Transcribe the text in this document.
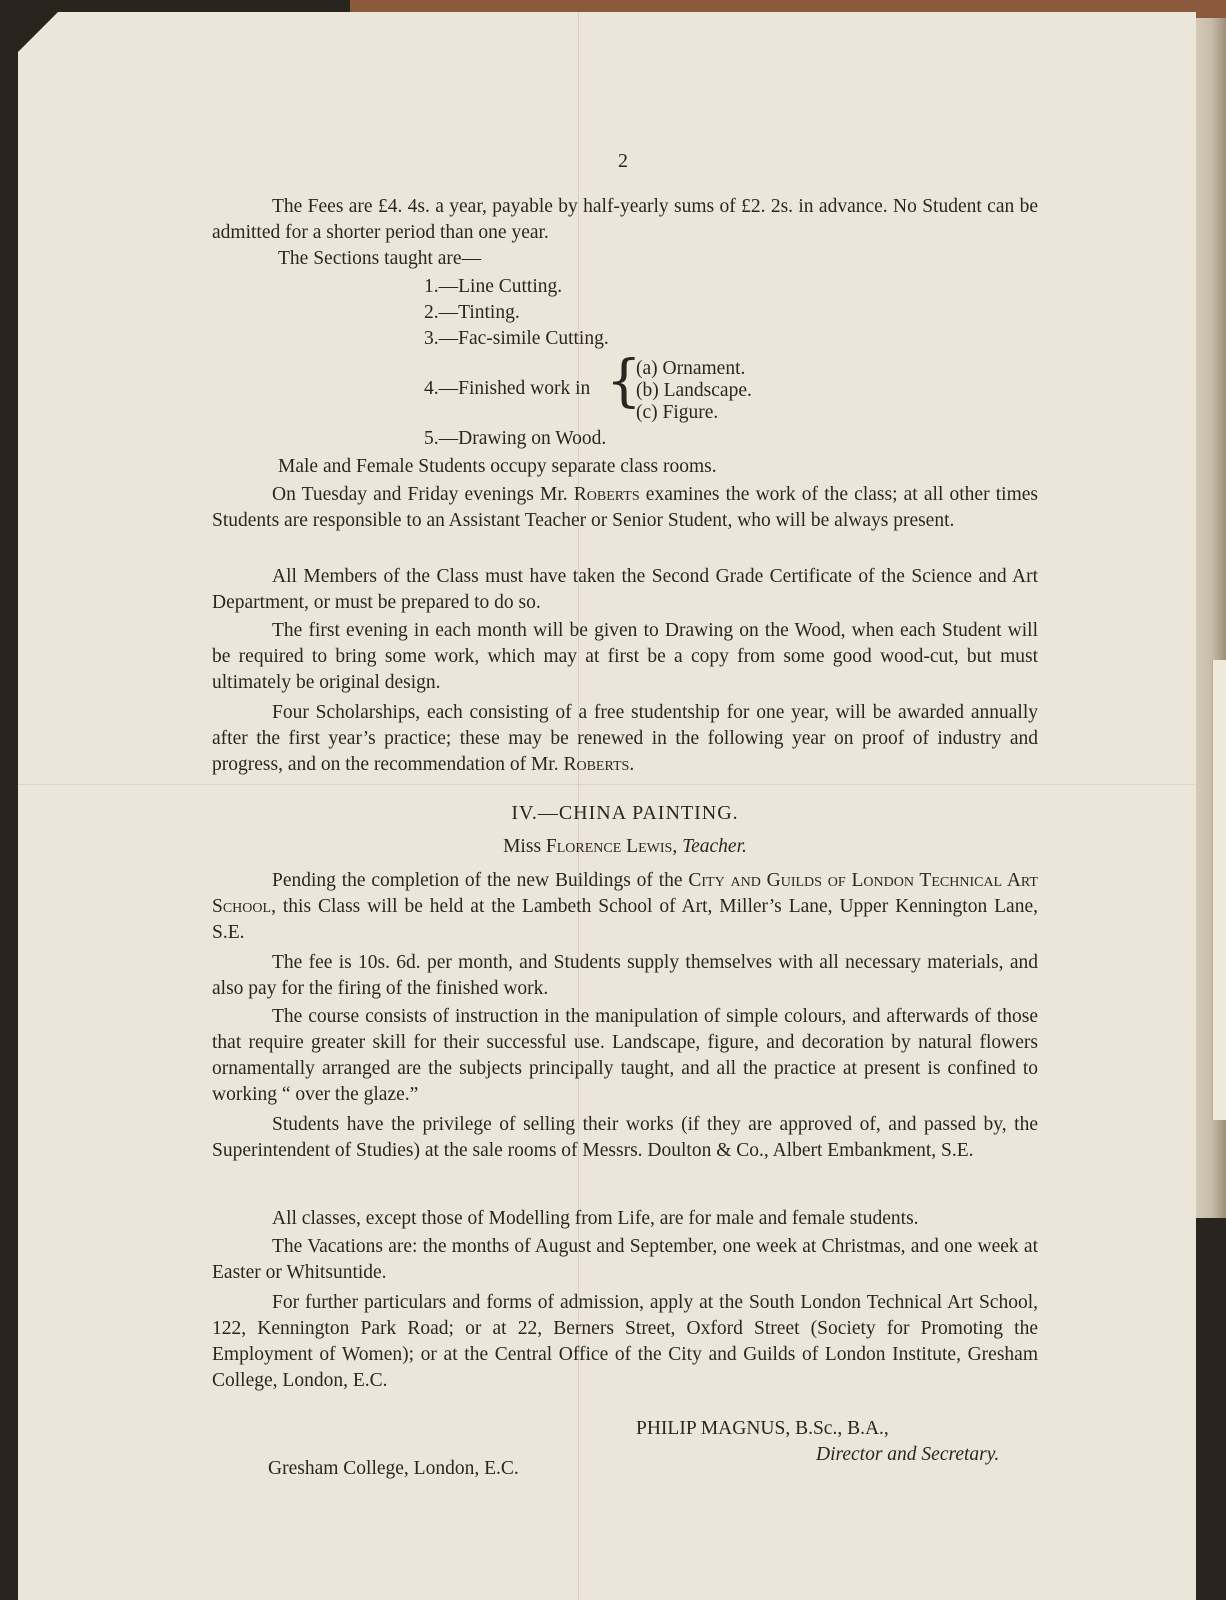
2
The Fees are £4. 4s. a year, payable by half-yearly sums of £2. 2s. in advance. No Student can be admitted for a shorter period than one year.
The Sections taught are—
1.—Line Cutting.
2.—Tinting.
3.—Fac-simile Cutting.
4.—Finished work in {
(a) Ornament.
(b) Landscape.
(c) Figure.
5.—Drawing on Wood.
Male and Female Students occupy separate class rooms.
On Tuesday and Friday evenings Mr. Roberts examines the work of the class; at all other times Students are responsible to an Assistant Teacher or Senior Student, who will be always present.
All Members of the Class must have taken the Second Grade Certificate of the Science and Art Department, or must be prepared to do so.
The first evening in each month will be given to Drawing on the Wood, when each Student will be required to bring some work, which may at first be a copy from some good wood-cut, but must ultimately be original design.
Four Scholarships, each consisting of a free studentship for one year, will be awarded annually after the first year’s practice; these may be renewed in the following year on proof of industry and progress, and on the recommendation of Mr. Roberts.
IV.—CHINA PAINTING.
Miss Florence Lewis, Teacher.
Pending the completion of the new Buildings of the City and Guilds of London Technical Art School, this Class will be held at the Lambeth School of Art, Miller’s Lane, Upper Kennington Lane, S.E.
The fee is 10s. 6d. per month, and Students supply themselves with all necessary materials, and also pay for the firing of the finished work.
The course consists of instruction in the manipulation of simple colours, and afterwards of those that require greater skill for their successful use. Landscape, figure, and decoration by natural flowers ornamentally arranged are the subjects principally taught, and all the practice at present is confined to working “ over the glaze.”
Students have the privilege of selling their works (if they are approved of, and passed by, the Superintendent of Studies) at the sale rooms of Messrs. Doulton & Co., Albert Embankment, S.E.
All classes, except those of Modelling from Life, are for male and female students.
The Vacations are: the months of August and September, one week at Christmas, and one week at Easter or Whitsuntide.
For further particulars and forms of admission, apply at the South London Technical Art School, 122, Kennington Park Road; or at 22, Berners Street, Oxford Street (Society for Promoting the Employment of Women); or at the Central Office of the City and Guilds of London Institute, Gresham College, London, E.C.
PHILIP MAGNUS, B.Sc., B.A.,
Director and Secretary.
Gresham College, London, E.C.
